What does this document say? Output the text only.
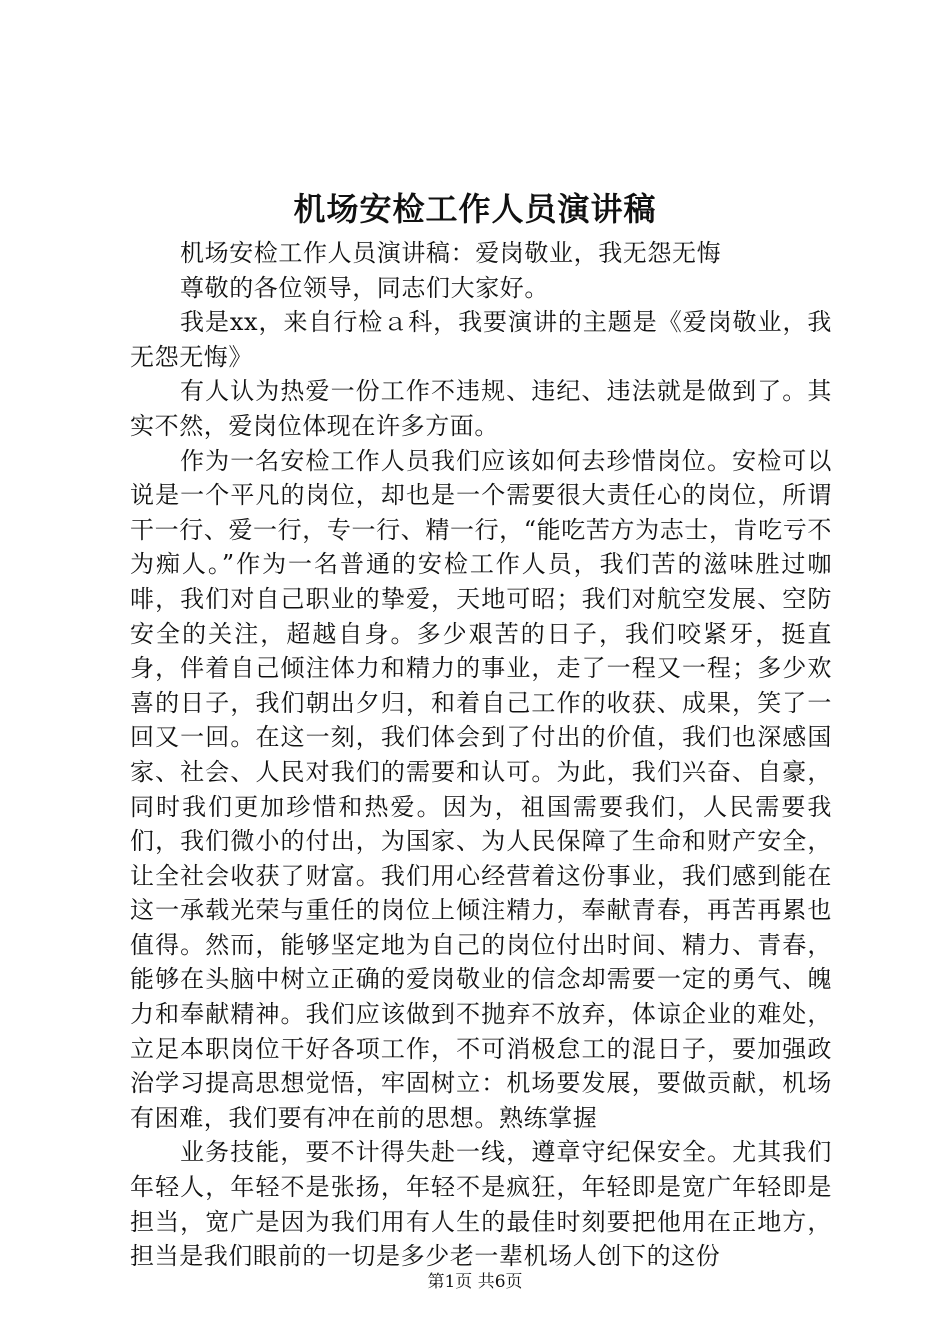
机场安检工作人员演讲稿

机场安检工作人员演讲稿：爱岗敬业，我无怨无悔

尊敬的各位领导，同志们大家好。

我是xx，来自行检ａ科，我要演讲的主题是《爱岗敬业，我无怨无悔》

有人认为热爱一份工作不违规、违纪、违法就是做到了。其实不然，爱岗位体现在许多方面。

作为一名安检工作人员我们应该如何去珍惜岗位。安检可以说是一个平凡的岗位，却也是一个需要很大责任心的岗位，所谓干一行、爱一行，专一行、精一行，“能吃苦方为志士，肯吃亏不为痴人。”作为一名普通的安检工作人员，我们苦的滋味胜过咖啡，我们对自己职业的挚爱，天地可昭；我们对航空发展、空防安全的关注，超越自身。多少艰苦的日子，我们咬紧牙，挺直身，伴着自己倾注体力和精力的事业，走了一程又一程；多少欢喜的日子，我们朝出夕归，和着自己工作的收获、成果，笑了一回又一回。在这一刻，我们体会到了付出的价值，我们也深感国家、社会、人民对我们的需要和认可。为此，我们兴奋、自豪，同时我们更加珍惜和热爱。因为，祖国需要我们，人民需要我们，我们微小的付出，为国家、为人民保障了生命和财产安全，让全社会收获了财富。我们用心经营着这份事业，我们感到能在这一承载光荣与重任的岗位上倾注精力，奉献青春，再苦再累也值得。然而，能够坚定地为自己的岗位付出时间、精力、青春，能够在头脑中树立正确的爱岗敬业的信念却需要一定的勇气、魄力和奉献精神。我们应该做到不抛弃不放弃，体谅企业的难处，立足本职岗位干好各项工作，不可消极怠工的混日子，要加强政治学习提高思想觉悟，牢固树立：机场要发展，要做贡献，机场有困难，我们要有冲在前的思想。熟练掌握

业务技能，要不计得失赴一线，遵章守纪保安全。尤其我们年轻人，年轻不是张扬，年轻不是疯狂，年轻即是宽广年轻即是担当，宽广是因为我们用有人生的最佳时刻要把他用在正地方，担当是我们眼前的一切是多少老一辈机场人创下的这份

第1页 共6页
